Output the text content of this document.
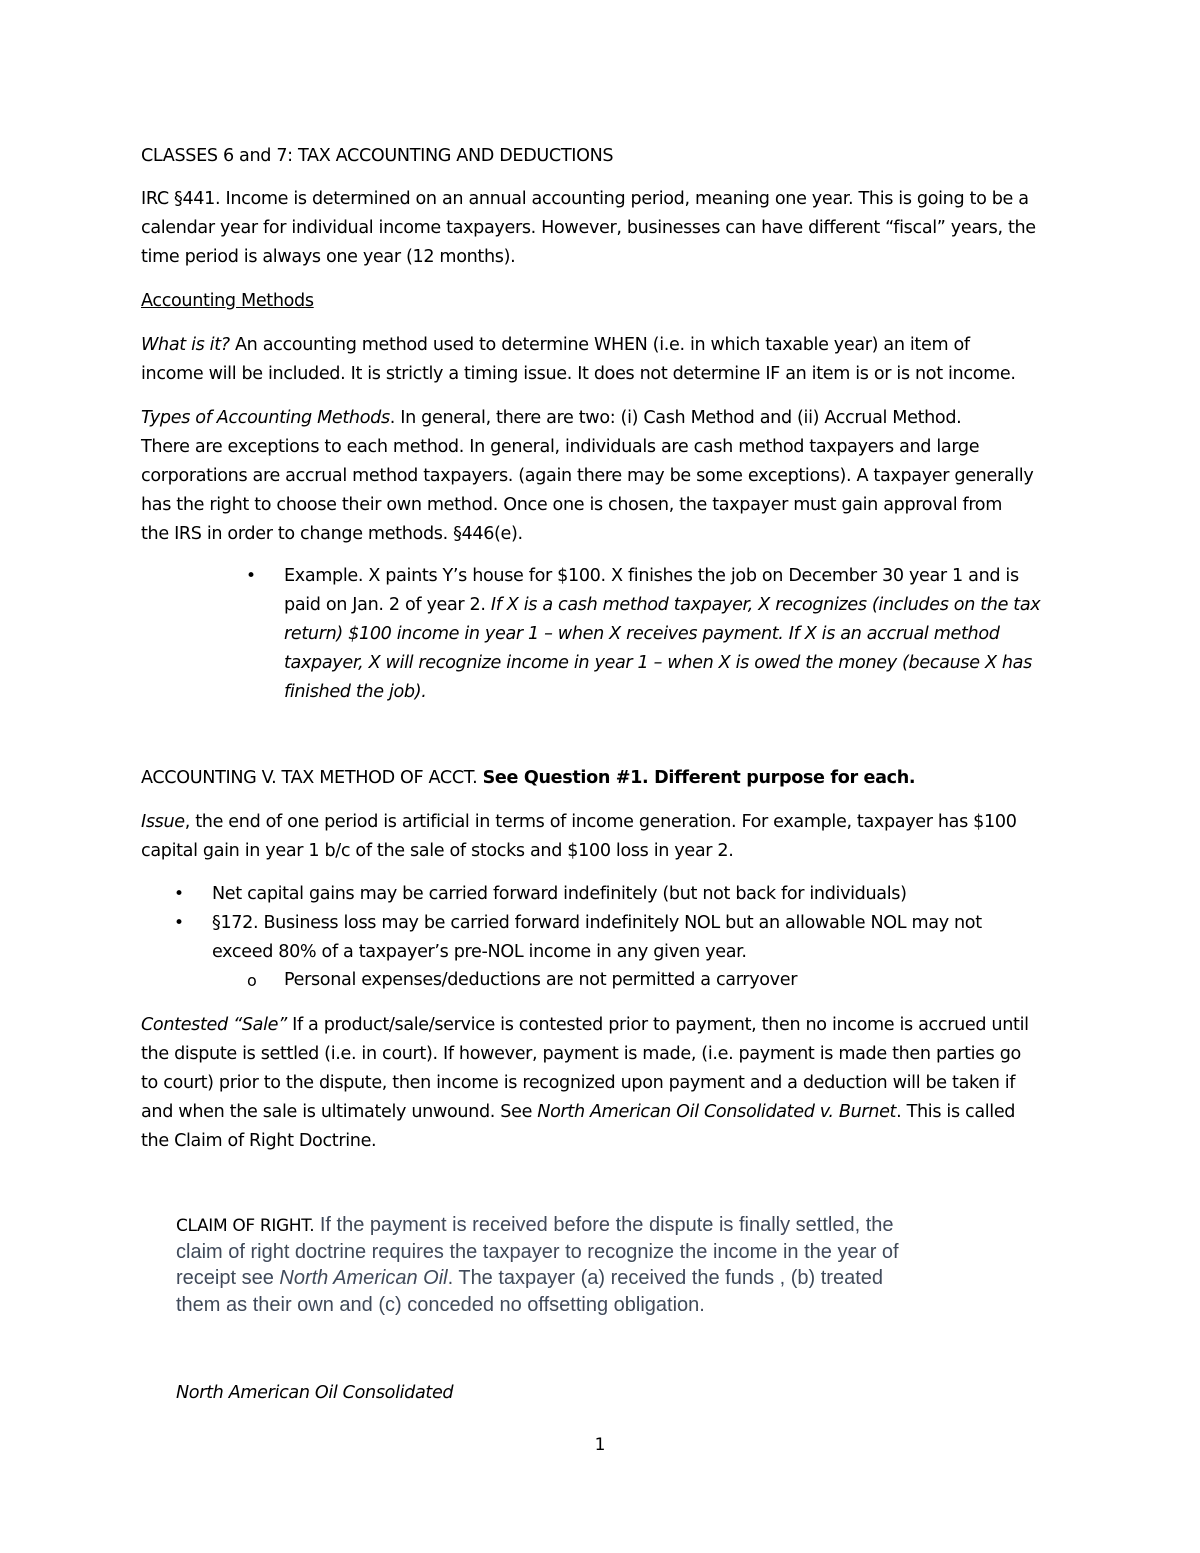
CLASSES 6 and 7: TAX ACCOUNTING AND DEDUCTIONS
IRC §441. Income is determined on an annual accounting period, meaning one year. This is going to be a
calendar year for individual income taxpayers. However, businesses can have different “fiscal” years, the
time period is always one year (12 months).
Accounting Methods
What is it? An accounting method used to determine WHEN (i.e. in which taxable year) an item of
income will be included. It is strictly a timing issue. It does not determine IF an item is or is not income.
Types of Accounting Methods. In general, there are two: (i) Cash Method and (ii) Accrual Method.
There are exceptions to each method. In general, individuals are cash method taxpayers and large
corporations are accrual method taxpayers. (again there may be some exceptions). A taxpayer generally
has the right to choose their own method. Once one is chosen, the taxpayer must gain approval from
the IRS in order to change methods. §446(e).
• Example. X paints Y’s house for $100. X finishes the job on December 30 year 1 and is
paid on Jan. 2 of year 2. If X is a cash method taxpayer, X recognizes (includes on the tax
return) $100 income in year 1 – when X receives payment. If X is an accrual method
taxpayer, X will recognize income in year 1 – when X is owed the money (because X has
finished the job).
ACCOUNTING V. TAX METHOD OF ACCT. See Question #1. Different purpose for each.
Issue, the end of one period is artificial in terms of income generation. For example, taxpayer has $100
capital gain in year 1 b/c of the sale of stocks and $100 loss in year 2.
• Net capital gains may be carried forward indefinitely (but not back for individuals)
• §172. Business loss may be carried forward indefinitely NOL but an allowable NOL may not
exceed 80% of a taxpayer’s pre-NOL income in any given year.
o Personal expenses/deductions are not permitted a carryover
Contested “Sale” If a product/sale/service is contested prior to payment, then no income is accrued until
the dispute is settled (i.e. in court). If however, payment is made, (i.e. payment is made then parties go
to court) prior to the dispute, then income is recognized upon payment and a deduction will be taken if
and when the sale is ultimately unwound. See North American Oil Consolidated v. Burnet. This is called
the Claim of Right Doctrine.
CLAIM OF RIGHT. If the payment is received before the dispute is finally settled, the
claim of right doctrine requires the taxpayer to recognize the income in the year of
receipt see North American Oil. The taxpayer (a) received the funds , (b) treated
them as their own and (c) conceded no offsetting obligation.
North American Oil Consolidated
1
